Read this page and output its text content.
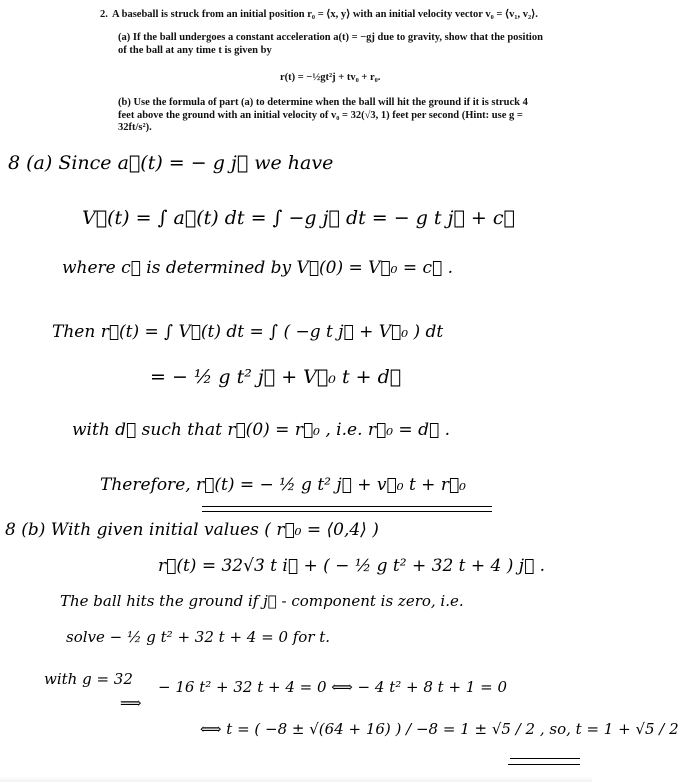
2. A baseball is struck from an initial position r₀ = ⟨x, y⟩ with an initial velocity vector v₀ = ⟨v₁, v₂⟩.
(a) If the ball undergoes a constant acceleration a(t) = −gj due to gravity, show that the position of the ball at any time t is given by
r(t) = −½gt²j + tv₀ + r₀.
(b) Use the formula of part (a) to determine when the ball will hit the ground if it is struck 4 feet above the ground with an initial velocity of v₀ = 32(√3, 1) feet per second (Hint: use g = 32ft/s²).
8 (a) Since a⃗(t) = − g j⃗ we have
V⃗(t) = ∫ a⃗(t) dt = ∫ −g j⃗ dt = − g t j⃗ + c⃗
where c⃗ is determined by V⃗(0) = V⃗₀ = c⃗ .
Then r⃗(t) = ∫ V⃗(t) dt = ∫ ( −g t j⃗ + V⃗₀ ) dt
= − ½ g t² j⃗ + V⃗₀ t + d⃗
with d⃗ such that r⃗(0) = r⃗₀ , i.e. r⃗₀ = d⃗ .
Therefore, r⃗(t) = − ½ g t² j⃗ + v⃗₀ t + r⃗₀
8 (b) With given initial values ( r⃗₀ = ⟨0,4⟩ )
r⃗(t) = 32√3 t i⃗ + ( − ½ g t² + 32 t + 4 ) j⃗ .
The ball hits the ground if j⃗ - component is zero, i.e.
solve − ½ g t² + 32 t + 4 = 0 for t.
with g = 32
⟹
− 16 t² + 32 t + 4 = 0 ⟺ − 4 t² + 8 t + 1 = 0
⟺ t = ( −8 ± √(64 + 16) ) / −8 = 1 ± √5 / 2 , so, t = 1 + √5 / 2
